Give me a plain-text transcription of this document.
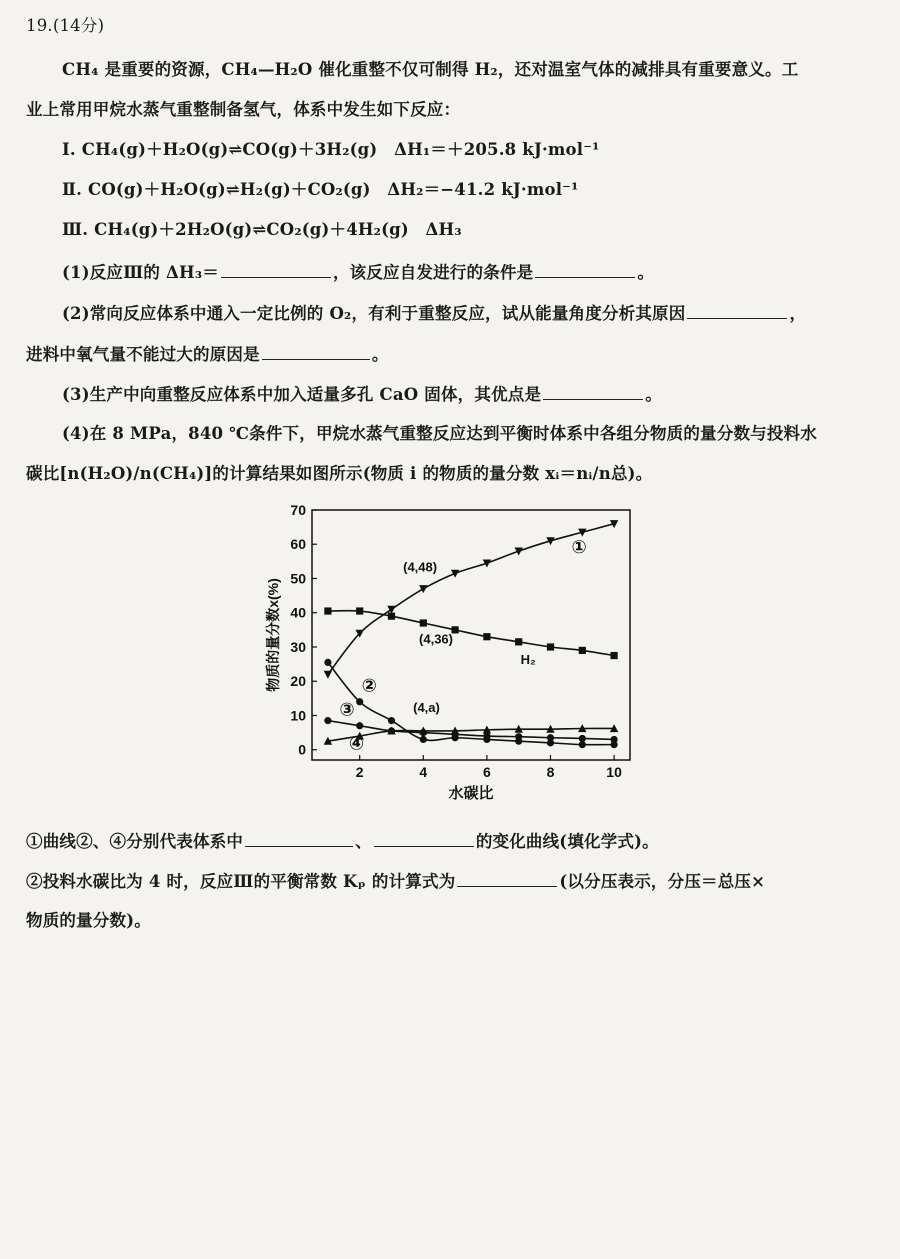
19.(14分)
CH₄ 是重要的资源，CH₄—H₂O 催化重整不仅可制得 H₂，还对温室气体的减排具有重要意义。工
业上常用甲烷水蒸气重整制备氢气，体系中发生如下反应：
Ⅰ. CH₄(g)＋H₂O(g)⇌CO(g)＋3H₂(g)　ΔH₁＝＋205.8 kJ·mol⁻¹
Ⅱ. CO(g)＋H₂O(g)⇌H₂(g)＋CO₂(g)　ΔH₂＝−41.2 kJ·mol⁻¹
Ⅲ. CH₄(g)＋2H₂O(g)⇌CO₂(g)＋4H₂(g)　ΔH₃
(1)反应Ⅲ的 ΔH₃＝	，该反应自发进行的条件是	。
(2)常向反应体系中通入一定比例的 O₂，有利于重整反应，试从能量角度分析其原因	，
进料中氧气量不能过大的原因是	。
(3)生产中向重整反应体系中加入适量多孔 CaO 固体，其优点是	。
(4)在 8 MPa，840 ℃条件下，甲烷水蒸气重整反应达到平衡时体系中各组分物质的量分数与投料水
碳比[n(H₂O)/n(CH₄)]的计算结果如图所示(物质 i 的物质的量分数 xᵢ＝nᵢ/n总)。
0
10
20
30
40
50
60
70
2	4	6	8	10
水碳比
物质的量分数x(%)
①
H₂
②
③
④
(4,48)
(4,36)
(4,a)
①曲线②、④分别代表体系中	、	的变化曲线(填化学式)。
②投料水碳比为 4 时，反应Ⅲ的平衡常数 Kₚ 的计算式为	(以分压表示，分压＝总压×
物质的量分数)。
